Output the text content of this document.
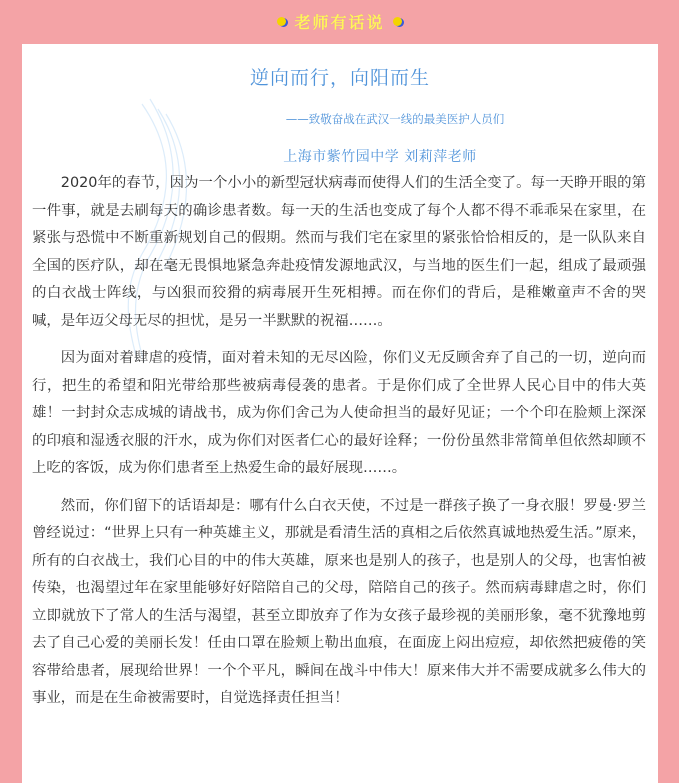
老师有话说
逆向而行，向阳而生
——致敬奋战在武汉一线的最美医护人员们
上海市紫竹园中学 刘莉萍老师

2020年的春节，因为一个小小的新型冠状病毒而使得人们的生活全变了。每一天睁开眼的第一件事，就是去刷每天的确诊患者数。每一天的生活也变成了每个人都不得不乖乖呆在家里，在紧张与恐慌中不断重新规划自己的假期。然而与我们宅在家里的紧张恰恰相反的，是一队队来自全国的医疗队，却在毫无畏惧地紧急奔赴疫情发源地武汉，与当地的医生们一起，组成了最顽强的白衣战士阵线，与凶狠而狡猾的病毒展开生死相搏。而在你们的背后，是稚嫩童声不舍的哭喊，是年迈父母无尽的担忧，是另一半默默的祝福……。

因为面对着肆虐的疫情，面对着未知的无尽凶险，你们义无反顾舍弃了自己的一切，逆向而行，把生的希望和阳光带给那些被病毒侵袭的患者。于是你们成了全世界人民心目中的伟大英雄！一封封众志成城的请战书，成为你们舍己为人使命担当的最好见证；一个个印在脸颊上深深的印痕和湿透衣服的汗水，成为你们对医者仁心的最好诠释；一份份虽然非常简单但依然却顾不上吃的客饭，成为你们患者至上热爱生命的最好展现……。

然而，你们留下的话语却是：哪有什么白衣天使，不过是一群孩子换了一身衣服！罗曼·罗兰曾经说过：“世界上只有一种英雄主义，那就是看清生活的真相之后依然真诚地热爱生活。”原来，所有的白衣战士，我们心目的中的伟大英雄，原来也是别人的孩子，也是别人的父母，也害怕被传染，也渴望过年在家里能够好好陪陪自己的父母，陪陪自己的孩子。然而病毒肆虐之时，你们立即就放下了常人的生活与渴望，甚至立即放弃了作为女孩子最珍视的美丽形象，毫不犹豫地剪去了自己心爱的美丽长发！任由口罩在脸颊上勒出血痕，在面庞上闷出痘痘，却依然把疲倦的笑容带给患者，展现给世界！一个个平凡，瞬间在战斗中伟大！原来伟大并不需要成就多么伟大的事业，而是在生命被需要时，自觉选择责任担当！
